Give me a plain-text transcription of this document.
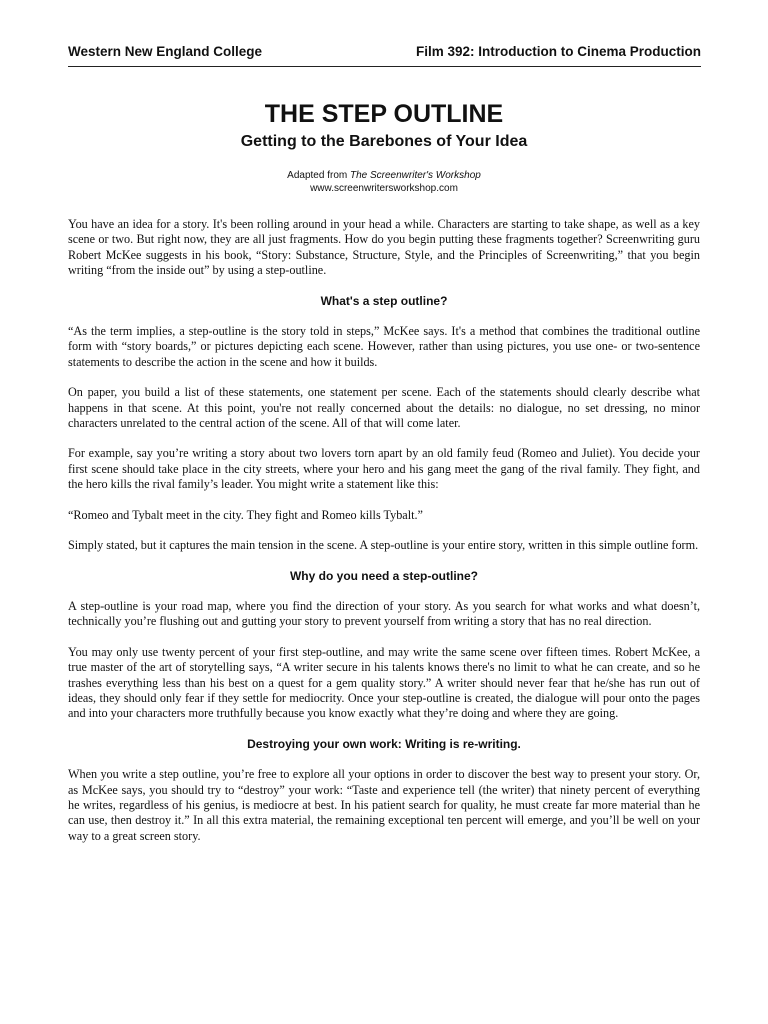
Western New England College	Film 392: Introduction to Cinema Production
THE STEP OUTLINE
Getting to the Barebones of Your Idea
Adapted from The Screenwriter's Workshop
www.screenwritersworkshop.com

You have an idea for a story. It's been rolling around in your head a while. Characters are starting to take shape, as well as a key scene or two. But right now, they are all just fragments. How do you begin putting these fragments together? Screenwriting guru Robert McKee suggests in his book, “Story: Substance, Structure, Style, and the Principles of Screenwriting,” that you begin writing “from the inside out” by using a step-outline.

What's a step outline?

“As the term implies, a step-outline is the story told in steps,” McKee says. It's a method that combines the traditional outline form with “story boards,” or pictures depicting each scene. However, rather than using pictures, you use one- or two-sentence statements to describe the action in the scene and how it builds.

On paper, you build a list of these statements, one statement per scene. Each of the statements should clearly describe what happens in that scene. At this point, you're not really concerned about the details: no dialogue, no set dressing, no minor characters unrelated to the central action of the scene. All of that will come later.

For example, say you’re writing a story about two lovers torn apart by an old family feud (Romeo and Juliet). You decide your first scene should take place in the city streets, where your hero and his gang meet the gang of the rival family. They fight, and the hero kills the rival family’s leader. You might write a statement like this:

“Romeo and Tybalt meet in the city. They fight and Romeo kills Tybalt.”

Simply stated, but it captures the main tension in the scene. A step-outline is your entire story, written in this simple outline form.

Why do you need a step-outline?

A step-outline is your road map, where you find the direction of your story. As you search for what works and what doesn’t, technically you’re flushing out and gutting your story to prevent yourself from writing a story that has no real direction.

You may only use twenty percent of your first step-outline, and may write the same scene over fifteen times. Robert McKee, a true master of the art of storytelling says, “A writer secure in his talents knows there's no limit to what he can create, and so he trashes everything less than his best on a quest for a gem quality story.” A writer should never fear that he/she has run out of ideas, they should only fear if they settle for mediocrity. Once your step-outline is created, the dialogue will pour onto the pages and into your characters more truthfully because you know exactly what they’re doing and where they are going.

Destroying your own work: Writing is re-writing.

When you write a step outline, you’re free to explore all your options in order to discover the best way to present your story. Or, as McKee says, you should try to “destroy” your work: “Taste and experience tell (the writer) that ninety percent of everything he writes, regardless of his genius, is mediocre at best. In his patient search for quality, he must create far more material than he can use, then destroy it.” In all this extra material, the remaining exceptional ten percent will emerge, and you’ll be well on your way to a great screen story.
